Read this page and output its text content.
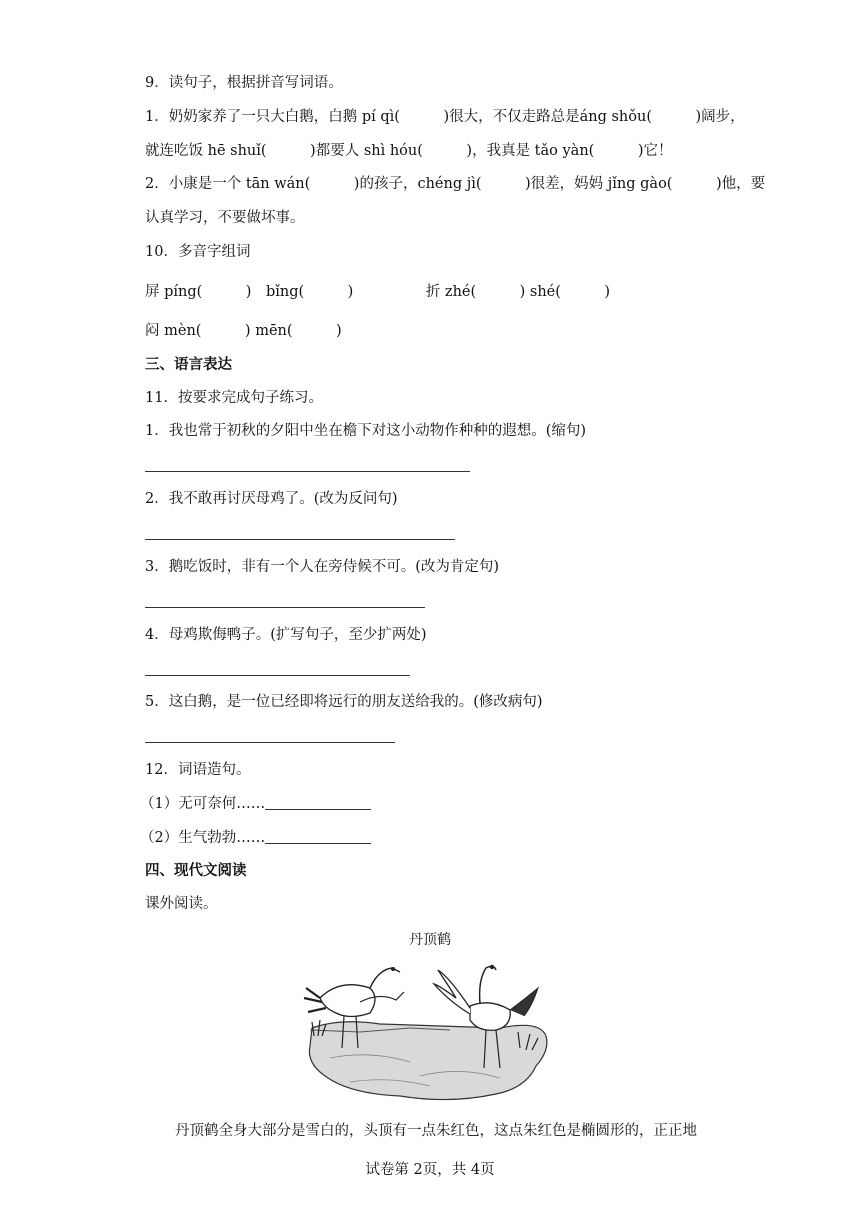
9．读句子，根据拼音写词语。
1．奶奶家养了一只大白鹅，白鹅 pí qì(　　　)很大，不仅走路总是áng shǒu(　　　)阔步，
就连吃饭 hē shuǐ(　　　)都要人 shì hóu(　　　)，我真是 tǎo yàn(　　　)它！
2．小康是一个 tān wán(　　　)的孩子，chéng jì(　　　)很差，妈妈 jǐng gào(　　　)他，要
认真学习，不要做坏事。
10．多音字组词
屏 píng(　　　)　bǐng(　　　)　　　　　折 zhé(　　　) shé(　　　)
闷 mèn(　　　) mēn(　　　)
三、语言表达
11．按要求完成句子练习。
1．我也常于初秋的夕阳中坐在檐下对这小动物作种种的遐想。(缩句)
2．我不敢再讨厌母鸡了。(改为反问句)
3．鹅吃饭时，非有一个人在旁侍候不可。(改为肯定句)
4．母鸡欺侮鸭子。(扩写句子，至少扩两处)
5．这白鹅，是一位已经即将远行的朋友送给我的。(修改病句)
12．词语造句。
（1）无可奈何……
（2）生气勃勃……
四、现代文阅读
课外阅读。
丹顶鹤
丹顶鹤全身大部分是雪白的，头顶有一点朱红色，这点朱红色是椭圆形的，正正地
试卷第 2页，共 4页
